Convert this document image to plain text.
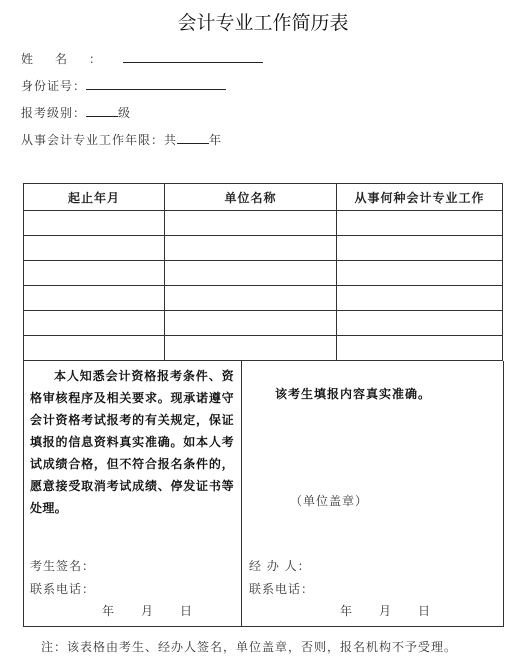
会计专业工作简历表
姓名：
身份证号：
报考级别：	级
从事会计专业工作年限：共	年
起止年月	单位名称	从事何种会计专业工作

本人知悉会计资格报考条件、资格审核程序及相关要求。现承诺遵守会计资格考试报考的有关规定，保证填报的信息资料真实准确。如本人考试成绩合格，但不符合报名条件的，愿意接受取消考试成绩、停发证书等处理。
该考生填报内容真实准确。
（单位盖章）
考生签名：
联系电话：
年　　月　　日
经 办 人：
联系电话：
年　　月　　日
注：该表格由考生、经办人签名，单位盖章，否则，报名机构不予受理。
